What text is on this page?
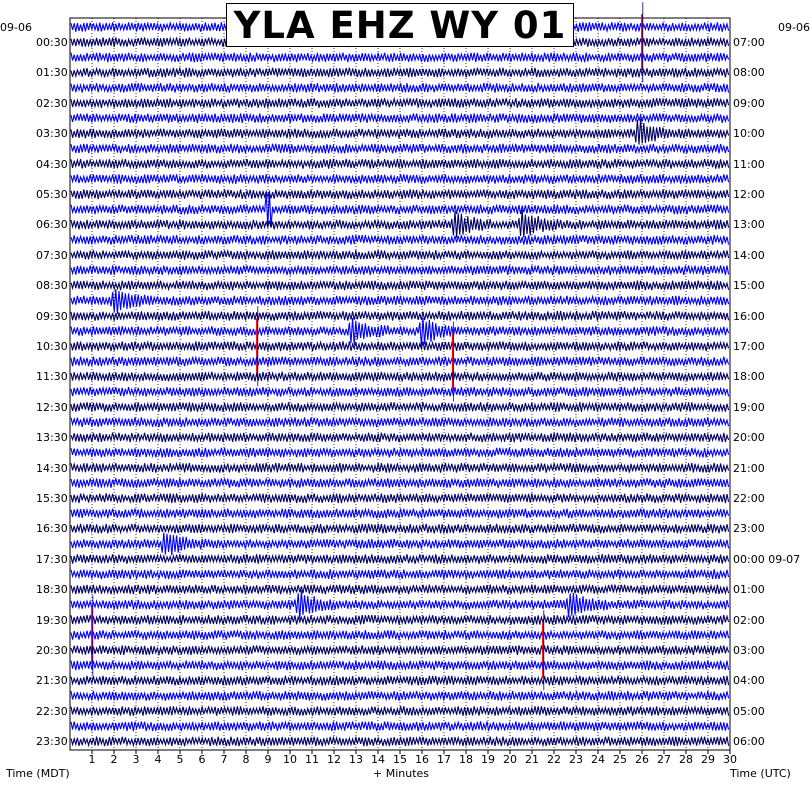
YLA EHZ WY 01
09-06	09-06
Time (MDT)	+ Minutes	Time (UTC)
00:30
01:30
02:30
03:30
04:30
05:30
06:30
07:30
08:30
09:30
10:30
11:30
12:30
13:30
14:30
15:30
16:30
17:30
18:30
19:30
20:30
21:30
22:30
23:30
07:00
08:00
09:00
10:00
11:00
12:00
13:00
14:00
15:00
16:00
17:00
18:00
19:00
20:00
21:00
22:00
23:00
00:00 09-07
01:00
02:00
03:00
04:00
05:00
06:00
1	2	3	4	5	6	7	8	9	10 11 12 13 14 15 16 17 18 19 20 21 22 23 24 25 26 27 28 29 30
